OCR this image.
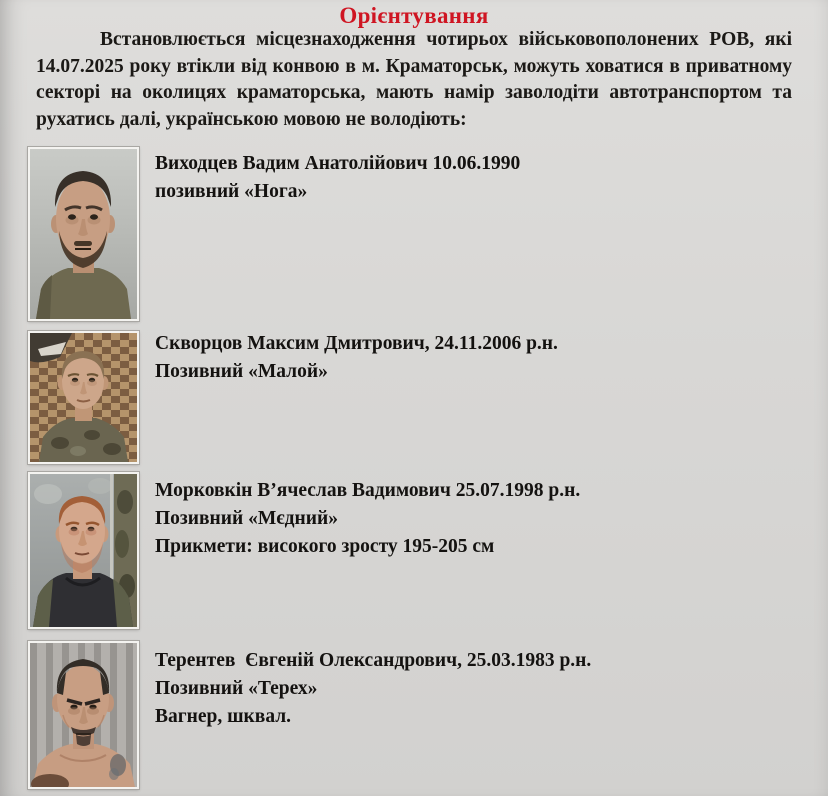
Орієнтування

Встановлюється місцезнаходження чотирьох військовополонених РОВ, які 14.07.2025 року втікли від конвою в м. Краматорськ, можуть ховатися в приватному секторі на околицях краматорська, мають намір заволодіти автотранспортом та рухатись далі, українською мовою не володіють:

Виходцев Вадим Анатолійович 10.06.1990
позивний «Нога»
Скворцов Максим Дмитрович, 24.11.2006 р.н.
Позивний «Малой»
Морковкін В’ячеслав Вадимович 25.07.1998 р.н.
Позивний «Мєдний»
Прикмети: високого зросту 195-205 см
Терентев  Євгеній Олександрович, 25.03.1983 р.н.
Позивний «Терех»
Вагнер, шквал.
